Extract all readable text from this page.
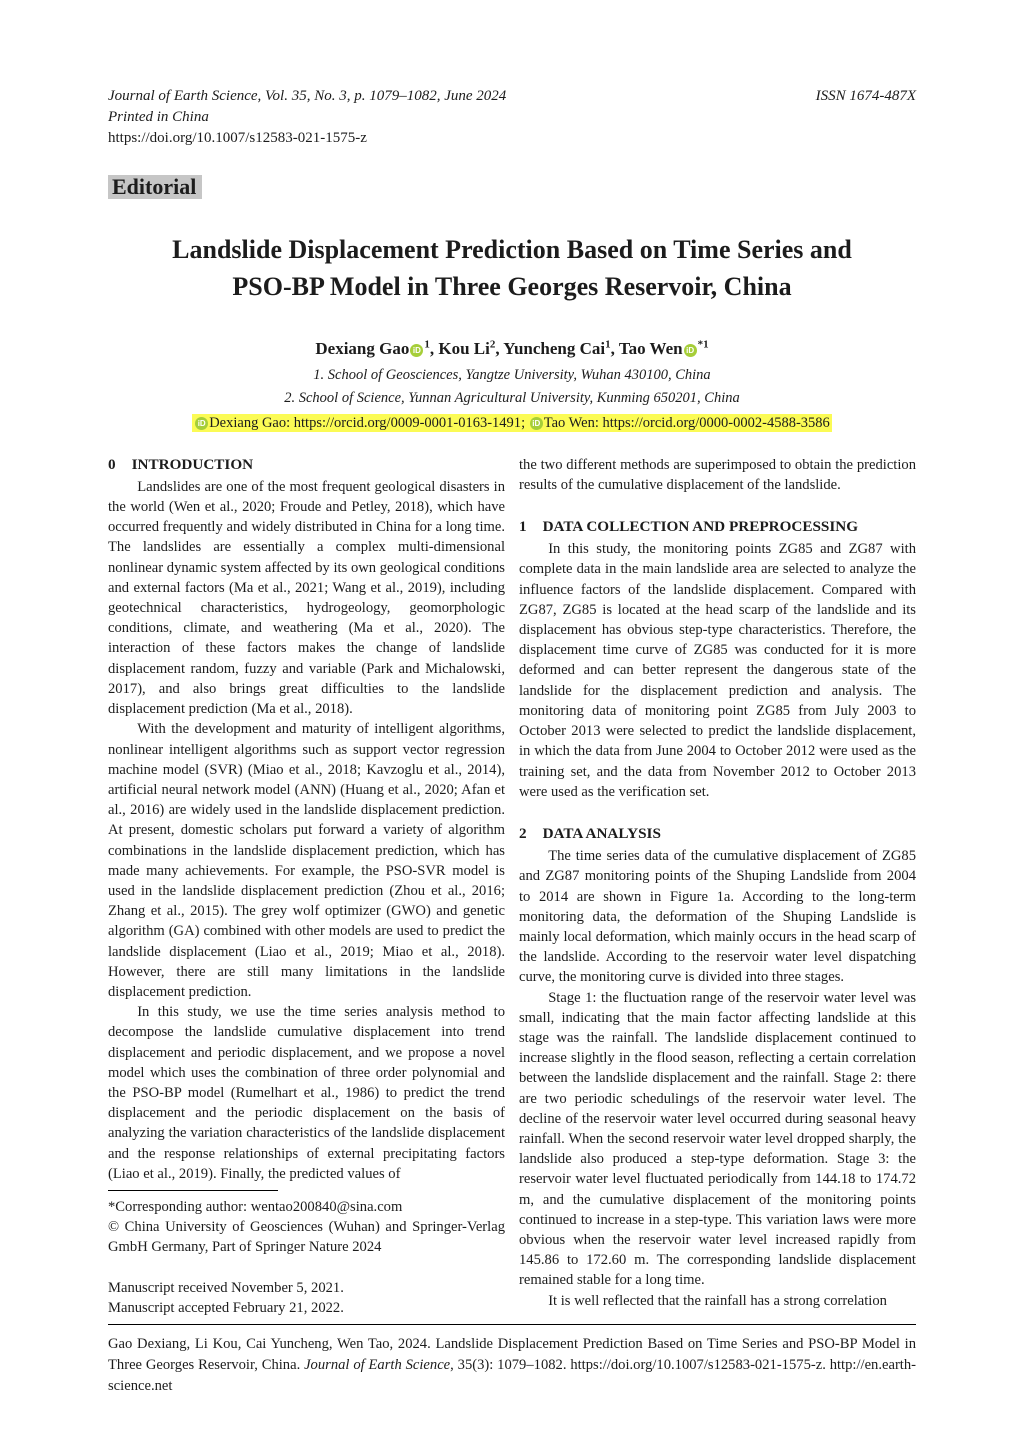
Journal of Earth Science, Vol. 35, No. 3, p. 1079–1082, June 2024	ISSN 1674-487X
Printed in China
https://doi.org/10.1007/s12583-021-1575-z
Editorial
Landslide Displacement Prediction Based on Time Series and
PSO-BP Model in Three Georges Reservoir, China
Dexiang Gao $iD^1$, Kou Li$^2$, Yuncheng Cai$^1$, Tao Wen $iD^{*1}$
1. School of Geosciences, Yangtze University, Wuhan 430100, China
2. School of Science, Yunnan Agricultural University, Kunming 650201, China
iD Dexiang Gao: https://orcid.org/0009-0001-0163-1491; iD Tao Wen: https://orcid.org/0000-0002-4588-3586
0 INTRODUCTION

Landslides are one of the most frequent geological disasters in the world (Wen et al., 2020; Froude and Petley, 2018), which have occurred frequently and widely distributed in China for a long time. The landslides are essentially a complex multi-dimensional nonlinear dynamic system affected by its own geological conditions and external factors (Ma et al., 2021; Wang et al., 2019), including geotechnical characteristics, hydrogeology, geomorphologic conditions, climate, and weathering (Ma et al., 2020). The interaction of these factors makes the change of landslide displacement random, fuzzy and variable (Park and Michalowski, 2017), and also brings great difficulties to the landslide displacement prediction (Ma et al., 2018).

With the development and maturity of intelligent algorithms, nonlinear intelligent algorithms such as support vector regression machine model (SVR) (Miao et al., 2018; Kavzoglu et al., 2014), artificial neural network model (ANN) (Huang et al., 2020; Afan et al., 2016) are widely used in the landslide displacement prediction. At present, domestic scholars put forward a variety of algorithm combinations in the landslide displacement prediction, which has made many achievements. For example, the PSO-SVR model is used in the landslide displacement prediction (Zhou et al., 2016; Zhang et al., 2015). The grey wolf optimizer (GWO) and genetic algorithm (GA) combined with other models are used to predict the landslide displacement (Liao et al., 2019; Miao et al., 2018). However, there are still many limitations in the landslide displacement prediction.

In this study, we use the time series analysis method to decompose the landslide cumulative displacement into trend displacement and periodic displacement, and we propose a novel model which uses the combination of three order polynomial and the PSO-BP model (Rumelhart et al., 1986) to predict the trend displacement and the periodic displacement on the basis of analyzing the variation characteristics of the landslide displacement and the response relationships of external precipitating factors (Liao et al., 2019). Finally, the predicted values of

*Corresponding author: wentao200840@sina.com

© China University of Geosciences (Wuhan) and Springer-Verlag GmbH Germany, Part of Springer Nature 2024

Manuscript received November 5, 2021.

Manuscript accepted February 21, 2022.

the two different methods are superimposed to obtain the prediction results of the cumulative displacement of the landslide.

1 DATA COLLECTION AND PREPROCESSING

In this study, the monitoring points ZG85 and ZG87 with complete data in the main landslide area are selected to analyze the influence factors of the landslide displacement. Compared with ZG87, ZG85 is located at the head scarp of the landslide and its displacement has obvious step-type characteristics. Therefore, the displacement time curve of ZG85 was conducted for it is more deformed and can better represent the dangerous state of the landslide for the displacement prediction and analysis. The monitoring data of monitoring point ZG85 from July 2003 to October 2013 were selected to predict the landslide displacement, in which the data from June 2004 to October 2012 were used as the training set, and the data from November 2012 to October 2013 were used as the verification set.

2 DATA ANALYSIS

The time series data of the cumulative displacement of ZG85 and ZG87 monitoring points of the Shuping Landslide from 2004 to 2014 are shown in Figure 1a. According to the long-term monitoring data, the deformation of the Shuping Landslide is mainly local deformation, which mainly occurs in the head scarp of the landslide. According to the reservoir water level dispatching curve, the monitoring curve is divided into three stages.

Stage 1: the fluctuation range of the reservoir water level was small, indicating that the main factor affecting landslide at this stage was the rainfall. The landslide displacement continued to increase slightly in the flood season, reflecting a certain correlation between the landslide displacement and the rainfall. Stage 2: there are two periodic schedulings of the reservoir water level. The decline of the reservoir water level occurred during seasonal heavy rainfall. When the second reservoir water level dropped sharply, the landslide also produced a step-type deformation. Stage 3: the reservoir water level fluctuated periodically from 144.18 to 174.72 m, and the cumulative displacement of the monitoring points continued to increase in a step-type. This variation laws were more obvious when the reservoir water level increased rapidly from 145.86 to 172.60 m. The corresponding landslide displacement remained stable for a long time.

It is well reflected that the rainfall has a strong correlation

Gao Dexiang, Li Kou, Cai Yuncheng, Wen Tao, 2024. Landslide Displacement Prediction Based on Time Series and PSO-BP Model in Three Georges Reservoir, China. Journal of Earth Science, 35(3): 1079–1082. https://doi.org/10.1007/s12583-021-1575-z. http://en.earth-science.net
